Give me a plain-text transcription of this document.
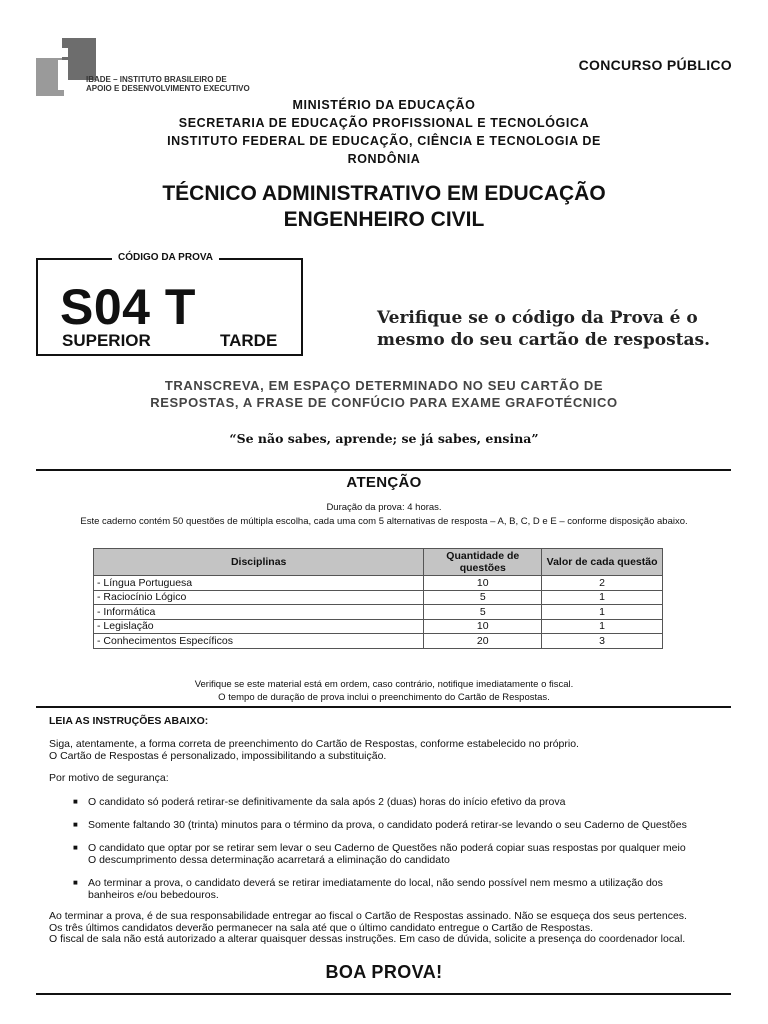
IBADE – INSTITUTO BRASILEIRO DE
APOIO E DESENVOLVIMENTO EXECUTIVO
CONCURSO PÚBLICO
MINISTÉRIO DA EDUCAÇÃO
SECRETARIA DE EDUCAÇÃO PROFISSIONAL E TECNOLÓGICA
INSTITUTO FEDERAL DE EDUCAÇÃO, CIÊNCIA E TECNOLOGIA DE
RONDÔNIA
TÉCNICO ADMINISTRATIVO EM EDUCAÇÃO
ENGENHEIRO CIVIL
CÓDIGO DA PROVA
S04 T
SUPERIOR	TARDE
Verifique se o código da Prova é o
mesmo do seu cartão de respostas.
TRANSCREVA, EM ESPAÇO DETERMINADO NO SEU CARTÃO DE
RESPOSTAS, A FRASE DE CONFÚCIO PARA EXAME GRAFOTÉCNICO
“Se não sabes, aprende; se já sabes, ensina”
ATENÇÃO
Duração da prova: 4 horas.
Este caderno contém 50 questões de múltipla escolha, cada uma com 5 alternativas de resposta – A, B, C, D e E – conforme disposição abaixo.
Disciplinas	Quantidade de questões	Valor de cada questão
- Língua Portuguesa	10	2
- Raciocínio Lógico	5	1
- Informática	5	1
- Legislação	10	1
- Conhecimentos Específicos	20	3
Verifique se este material está em ordem, caso contrário, notifique imediatamente o fiscal.
O tempo de duração de prova inclui o preenchimento do Cartão de Respostas.
LEIA AS INSTRUÇÕES ABAIXO:
Siga, atentamente, a forma correta de preenchimento do Cartão de Respostas, conforme estabelecido no próprio.
O Cartão de Respostas é personalizado, impossibilitando a substituição.
Por motivo de segurança:
■ O candidato só poderá retirar-se definitivamente da sala após 2 (duas) horas do início efetivo da prova
■ Somente faltando 30 (trinta) minutos para o término da prova, o candidato poderá retirar-se levando o seu Caderno de Questões
■ O candidato que optar por se retirar sem levar o seu Caderno de Questões não poderá copiar suas respostas por qualquer meio
O descumprimento dessa determinação acarretará a eliminação do candidato
■ Ao terminar a prova, o candidato deverá se retirar imediatamente do local, não sendo possível nem mesmo a utilização dos
banheiros e/ou bebedouros.
Ao terminar a prova, é de sua responsabilidade entregar ao fiscal o Cartão de Respostas assinado. Não se esqueça dos seus pertences.
Os três últimos candidatos deverão permanecer na sala até que o último candidato entregue o Cartão de Respostas.
O fiscal de sala não está autorizado a alterar quaisquer dessas instruções. Em caso de dúvida, solicite a presença do coordenador local.
BOA PROVA!
